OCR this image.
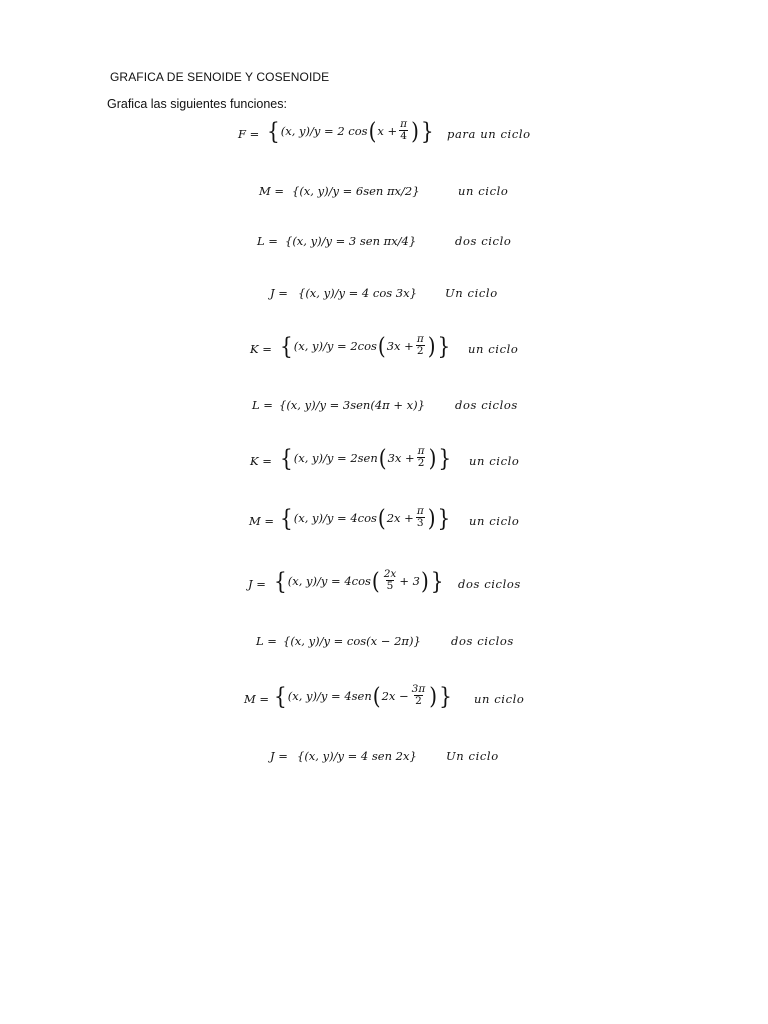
GRAFICA DE SENOIDE Y COSENOIDE
Grafica las siguientes funciones:
F = { (x, y)/y = 2 cos ( $x + \frac{\pi}{4}$ ) } para un ciclo
M = {(x, y)/y = 6sen πx/2}	un ciclo
L = {(x, y)/y = 3 sen πx/4}	dos ciclo
J = {(x, y)/y = 4 cos 3x} Un ciclo
K = { (x, y)/y = 2cos ( $3x + \frac{\pi}{2}$ ) } un ciclo
L = {(x, y)/y = 3sen(4π + x)}	dos ciclos
K = { (x, y)/y = 2sen ( $3x + \frac{\pi}{2}$ ) } un ciclo
M = { (x, y)/y = 4cos ( $2x + \frac{\pi}{3}$ ) } un ciclo
J = { (x, y)/y = 4cos ( $\frac{2x}{5} + 3$ ) } dos ciclos
L = {(x, y)/y = cos(x − 2π)}	dos ciclos
M = { (x, y)/y = 4sen ( $2x - \frac{3\pi}{2}$ ) } un ciclo
J = {(x, y)/y = 4 sen 2x}	Un ciclo
